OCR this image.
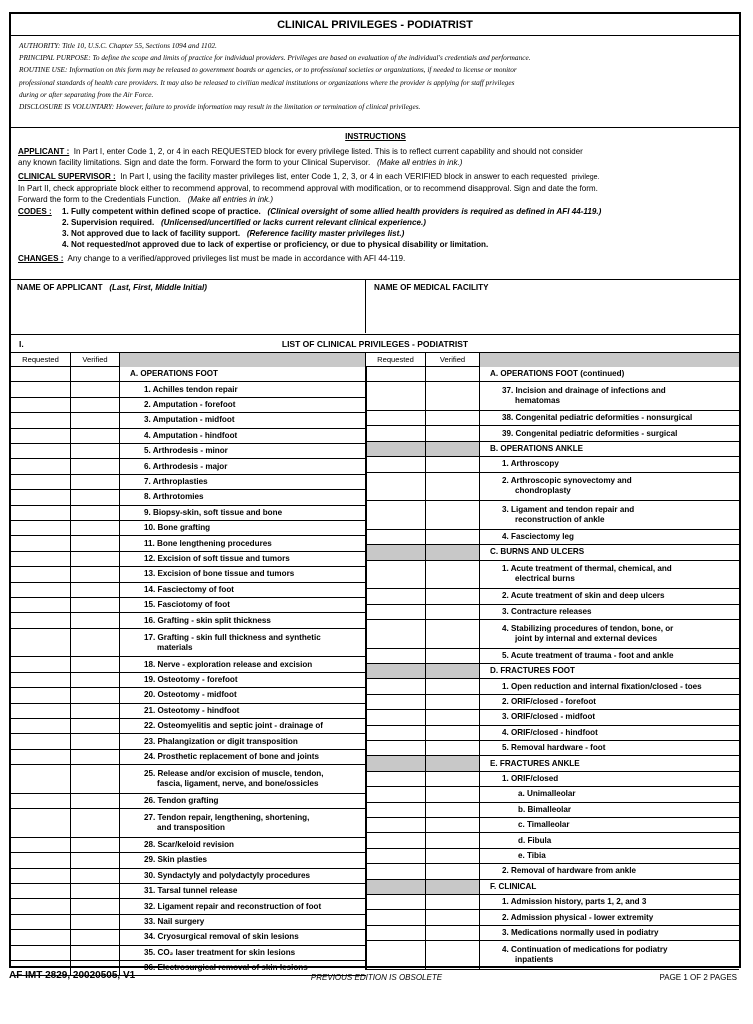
CLINICAL PRIVILEGES - PODIATRIST
AUTHORITY: Title 10, U.S.C. Chapter 55, Sections 1094 and 1102.
PRINCIPAL PURPOSE: To define the scope and limits of practice for individual providers. Privileges are based on evaluation of the individual's credentials and performance.
ROUTINE USE: Information on this form may be released to government boards or agencies, or to professional societies or organizations, if needed to license or monitor
professional standards of health care providers. It may also be released to civilian medical institutions or organizations where the provider is applying for staff privileges
during or after separating from the Air Force.
DISCLOSURE IS VOLUNTARY: However, failure to provide information may result in the limitation or termination of clinical privileges.
INSTRUCTIONS
APPLICANT : In Part I, enter Code 1, 2, or 4 in each REQUESTED block for every privilege listed. This is to reflect current capability and should not consider
any known facility limitations. Sign and date the form. Forward the form to your Clinical Supervisor. (Make all entries in ink.)
CLINICAL SUPERVISOR : In Part I, using the facility master privileges list, enter Code 1, 2, 3, or 4 in each VERIFIED block in answer to each requested privilege.
In Part II, check appropriate block either to recommend approval, to recommend approval with modification, or to recommend disapproval. Sign and date the form.
Forward the form to the Credentials Function. (Make all entries in ink.)
CODES :	1. Fully competent within defined scope of practice. (Clinical oversight of some allied health providers is required as defined in AFI 44-119.)
2. Supervision required. (Unlicensed/uncertified or lacks current relevant clinical experience.)
3. Not approved due to lack of facility support. (Reference facility master privileges list.)
4. Not requested/not approved due to lack of expertise or proficiency, or due to physical disability or limitation.
CHANGES : Any change to a verified/approved privileges list must be made in accordance with AFI 44-119.
NAME OF APPLICANT (Last, First, Middle Initial)	NAME OF MEDICAL FACILITY
LIST OF CLINICAL PRIVILEGES - PODIATRIST
I.
Requested	Verified	Requested	Verified
A. OPERATIONS FOOT
1. Achilles tendon repair
2. Amputation - forefoot
3. Amputation - midfoot
4. Amputation - hindfoot
5. Arthrodesis - minor
6. Arthrodesis - major
7. Arthroplasties
8. Arthrotomies
9. Biopsy-skin, soft tissue and bone
10. Bone grafting
11. Bone lengthening procedures
12. Excision of soft tissue and tumors
13. Excision of bone tissue and tumors
14. Fasciectomy of foot
15. Fasciotomy of foot
16. Grafting - skin split thickness
17. Grafting - skin full thickness and synthetic
materials
18. Nerve - exploration release and excision
19. Osteotomy - forefoot
20. Osteotomy - midfoot
21. Osteotomy - hindfoot
22. Osteomyelitis and septic joint - drainage of
23. Phalangization or digit transposition
24. Prosthetic replacement of bone and joints
25. Release and/or excision of muscle, tendon,
fascia, ligament, nerve, and bone/ossicles
26. Tendon grafting
27. Tendon repair, lengthening, shortening,
and transposition
28. Scar/keloid revision
29. Skin plasties
30. Syndactyly and polydactyly procedures
31. Tarsal tunnel release
32. Ligament repair and reconstruction of foot
33. Nail surgery
34. Cryosurgical removal of skin lesions
35. CO₂ laser treatment for skin lesions
36. Electrosurgical removal of skin lesions
A. OPERATIONS FOOT (continued)
37. Incision and drainage of infections and
hematomas
38. Congenital pediatric deformities - nonsurgical
39. Congenital pediatric deformities - surgical
B. OPERATIONS ANKLE
1. Arthroscopy
2. Arthroscopic synovectomy and
chondroplasty
3. Ligament and tendon repair and
reconstruction of ankle
4. Fasciectomy leg
C. BURNS AND ULCERS
1. Acute treatment of thermal, chemical, and
electrical burns
2. Acute treatment of skin and deep ulcers
3. Contracture releases
4. Stabilizing procedures of tendon, bone, or
joint by internal and external devices
5. Acute treatment of trauma - foot and ankle
D. FRACTURES FOOT
1. Open reduction and internal fixation/closed - toes
2. ORIF/closed - forefoot
3. ORIF/closed - midfoot
4. ORIF/closed - hindfoot
5. Removal hardware - foot
E. FRACTURES ANKLE
1. ORIF/closed
a. Unimalleolar
b. Bimalleolar
c. Timalleolar
d. Fibula
e. Tibia
2. Removal of hardware from ankle
F. CLINICAL
1. Admission history, parts 1, 2, and 3
2. Admission physical - lower extremity
3. Medications normally used in podiatry
4. Continuation of medications for podiatry
inpatients
AF IMT 2829, 20020505, V1	PREVIOUS EDITION IS OBSOLETE	PAGE 1 OF 2 PAGES
